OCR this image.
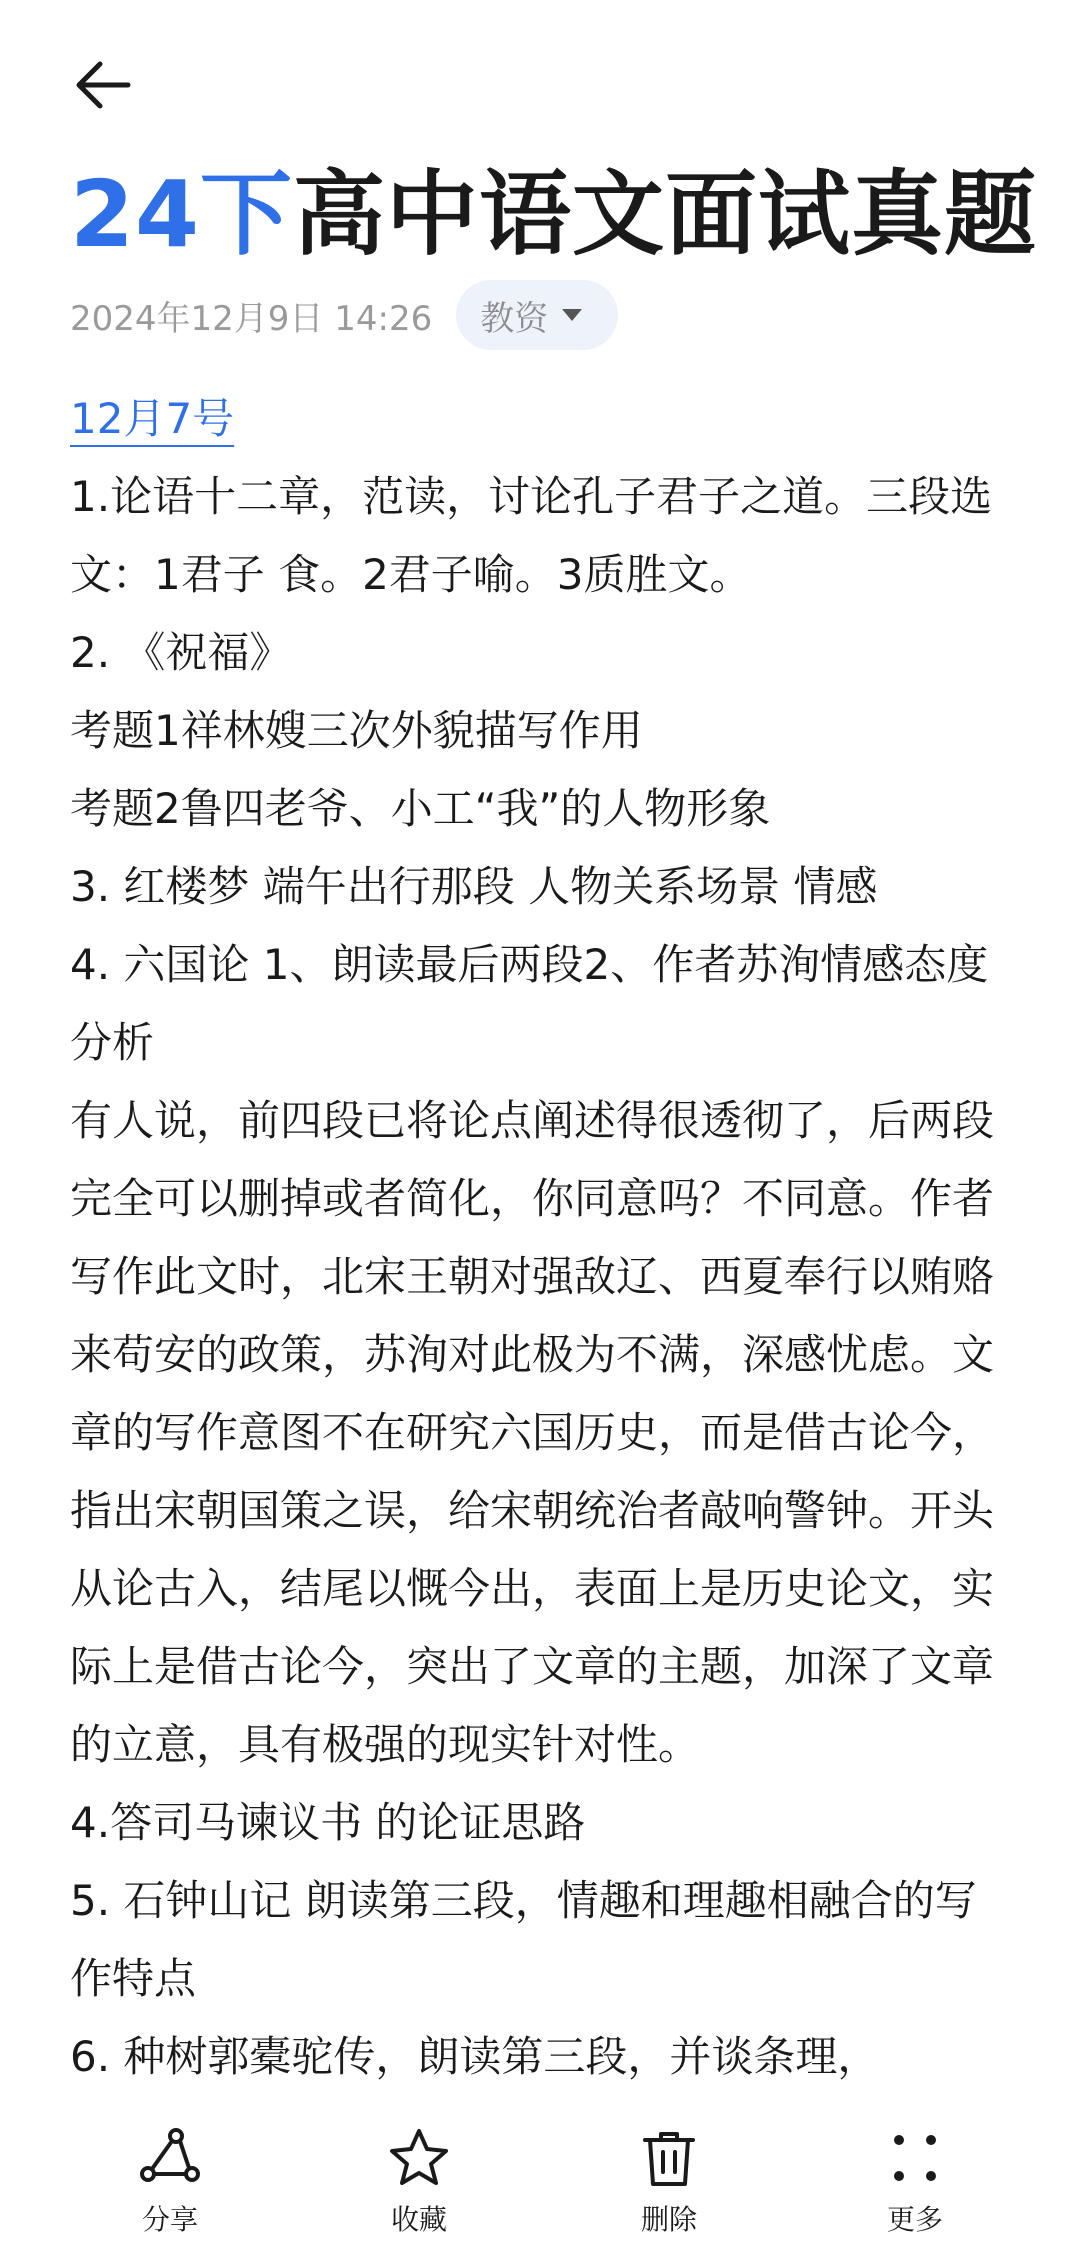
24下高中语文面试真题
2024年12月9日 14:26 教资

12月7号

1.论语十二章，范读，讨论孔子君子之道。三段选文：1君子 食。2君子喻。3质胜文。

2. 《祝福》

考题1祥林嫂三次外貌描写作用

考题2鲁四老爷、小工“我”的人物形象

3. 红楼梦 端午出行那段 人物关系场景 情感

4. 六国论 1、朗读最后两段2、作者苏洵情感态度分析

有人说，前四段已将论点阐述得很透彻了，后两段完全可以删掉或者简化，你同意吗？不同意。作者写作此文时，北宋王朝对强敌辽、西夏奉行以贿赂来苟安的政策，苏洵对此极为不满，深感忧虑。文章的写作意图不在研究六国历史，而是借古论今，指出宋朝国策之误，给宋朝统治者敲响警钟。开头从论古入，结尾以慨今出，表面上是历史论文，实际上是借古论今，突出了文章的主题，加深了文章的立意，具有极强的现实针对性。

4.答司马谏议书 的论证思路

5. 石钟山记 朗读第三段，情趣和理趣相融合的写作特点

6. 种树郭橐驼传，朗读第三段，并谈条理，

分享	收藏	删除	更多
